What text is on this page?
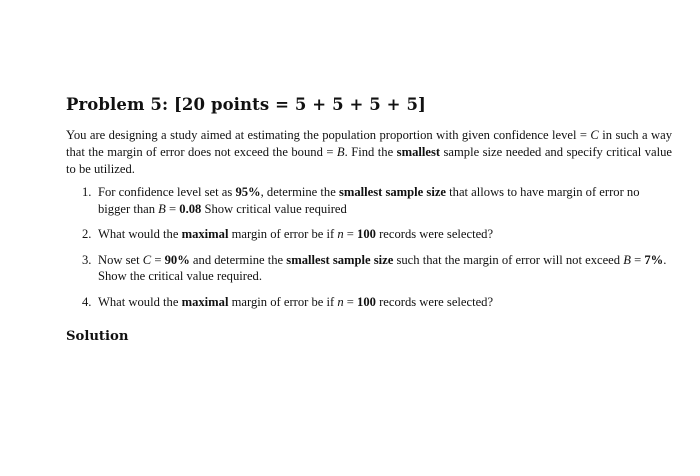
Problem 5: [20 points = 5 + 5 + 5 + 5]

You are designing a study aimed at estimating the population proportion with given confidence level = C in such a way that the margin of error does not exceed the bound = B. Find the smallest sample size needed and specify critical value to be utilized.

1. For confidence level set as 95%, determine the smallest sample size that allows to have margin of error no bigger than B = 0.08 Show critical value required
2. What would the maximal margin of error be if n = 100 records were selected?
3. Now set C = 90% and determine the smallest sample size such that the margin of error will not exceed B = 7%. Show the critical value required.
4. What would the maximal margin of error be if n = 100 records were selected?
Solution
